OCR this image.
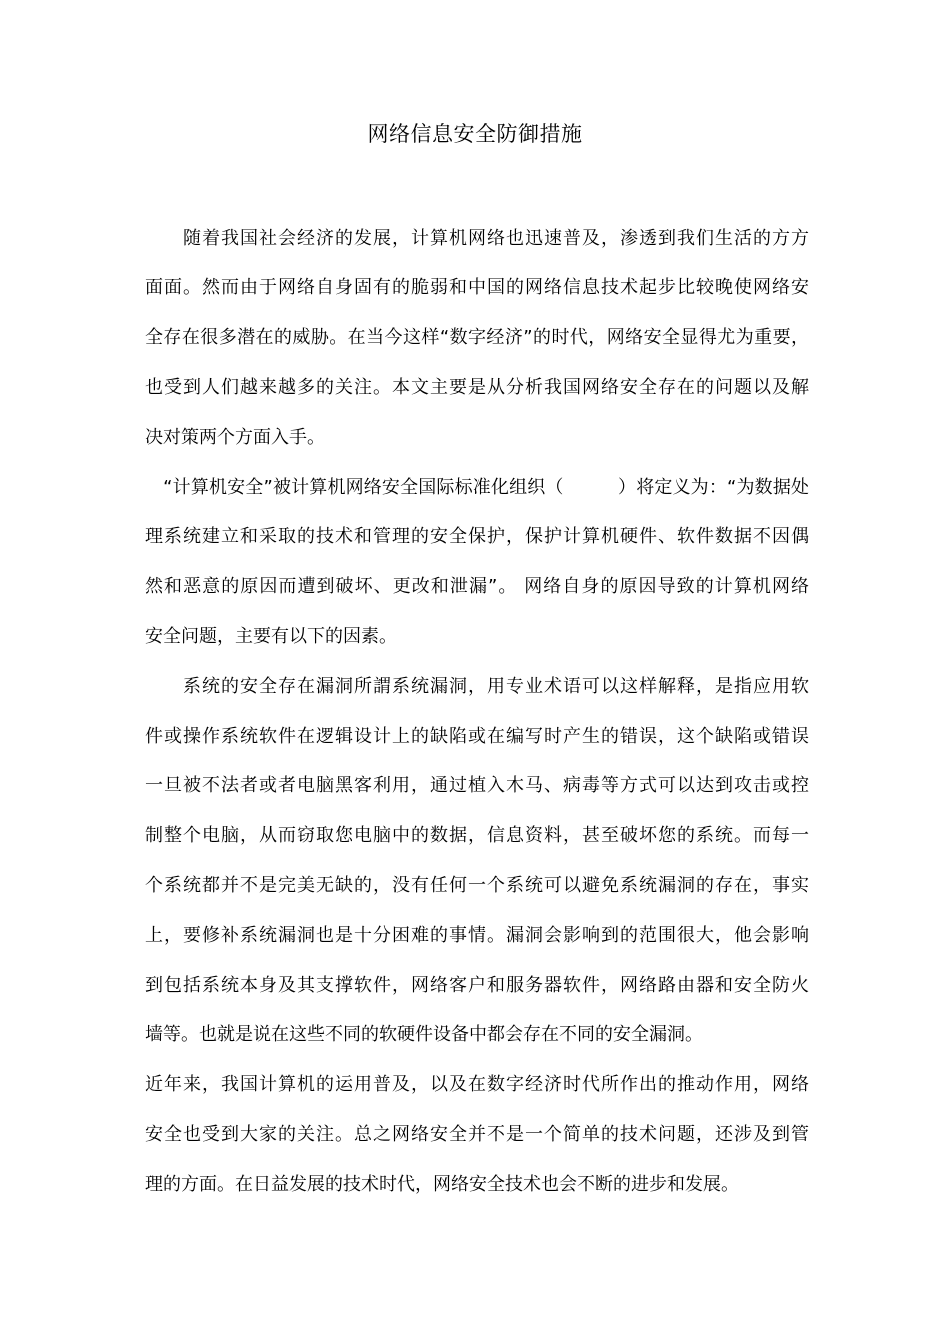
网络信息安全防御措施
　　随着我国社会经济的发展，计算机网络也迅速普及，渗透到我们生活的方方
面面。然而由于网络自身固有的脆弱和中国的网络信息技术起步比较晚使网络安
全存在很多潜在的威胁。在当今这样“数字经济”的时代，网络安全显得尤为重要，
也受到人们越来越多的关注。本文主要是从分析我国网络安全存在的问题以及解
决对策两个方面入手。
　“计算机安全”被计算机网络安全国际标准化组织（　　　）将定义为：“为数据处
理系统建立和采取的技术和管理的安全保护，保护计算机硬件、软件数据不因偶
然和恶意的原因而遭到破坏、更改和泄漏”。 网络自身的原因导致的计算机网络
安全问题，主要有以下的因素。
　　系统的安全存在漏洞所謂系统漏洞，用专业术语可以这样解释，是指应用软
件或操作系统软件在逻辑设计上的缺陷或在编写时产生的错误，这个缺陷或错误
一旦被不法者或者电脑黑客利用，通过植入木马、病毒等方式可以达到攻击或控
制整个电脑，从而窃取您电脑中的数据，信息资料，甚至破坏您的系统。而每一
个系统都并不是完美无缺的，没有任何一个系统可以避免系统漏洞的存在，事实
上，要修补系统漏洞也是十分困难的事情。漏洞会影响到的范围很大，他会影响
到包括系统本身及其支撑软件，网络客户和服务器软件，网络路由器和安全防火
墙等。也就是说在这些不同的软硬件设备中都会存在不同的安全漏洞。
近年来，我国计算机的运用普及，以及在数字经济时代所作出的推动作用，网络
安全也受到大家的关注。总之网络安全并不是一个简单的技术问题，还涉及到管
理的方面。在日益发展的技术时代，网络安全技术也会不断的进步和发展。
